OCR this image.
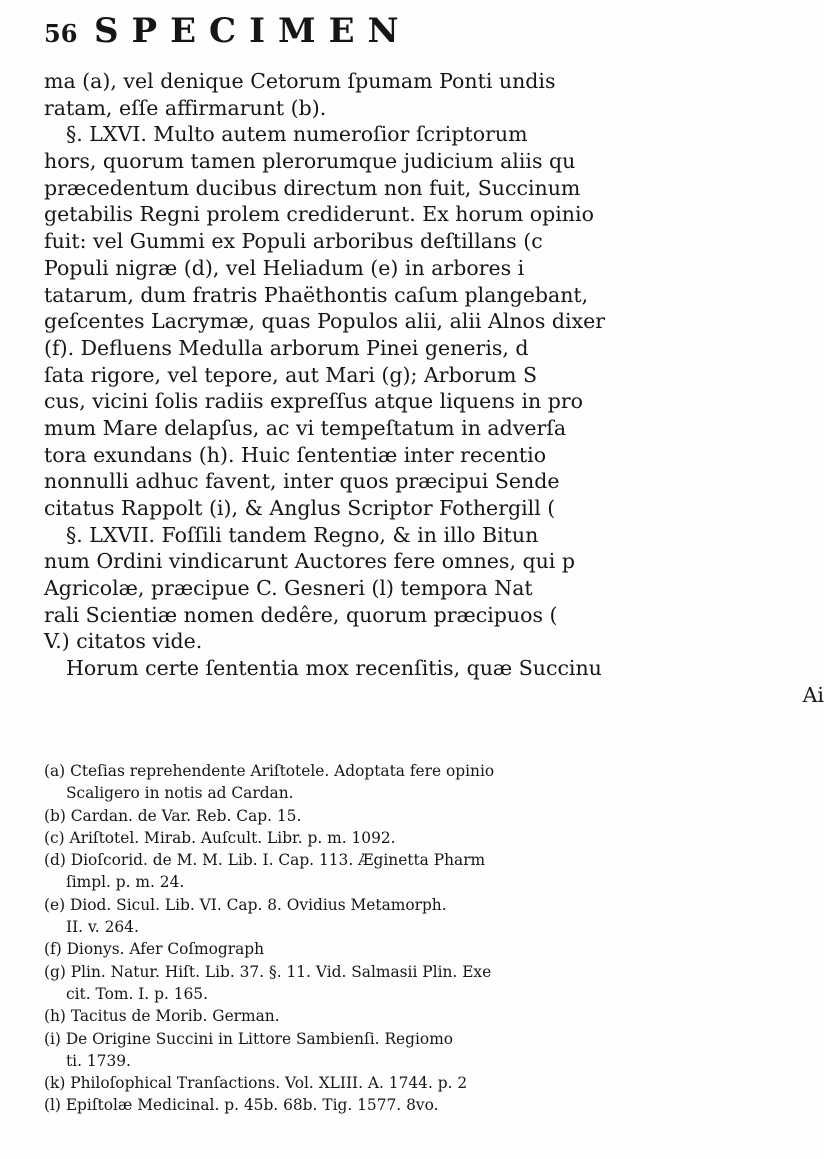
56 SPECIMEN
ma (a), vel denique Cetorum ſpumam Ponti undis
ratam, eſſe affirmarunt (b).
§. LXVI. Multo autem numeroſior ſcriptorum
hors, quorum tamen plerorumque judicium aliis qu
præcedentum ducibus directum non fuit, Succinum
getabilis Regni prolem crediderunt. Ex horum opinio
fuit: vel Gummi ex Populi arboribus deſtillans (c
Populi nigræ (d), vel Heliadum (e) in arbores i
tatarum, dum fratris Phaëthontis caſum plangebant,
geſcentes Lacrymæ, quas Populos alii, alii Alnos dixer
(f). Defluens Medulla arborum Pinei generis, d
ſata rigore, vel tepore, aut Mari (g); Arborum S
cus, vicini ſolis radiis expreſſus atque liquens in pro
mum Mare delapſus, ac vi tempeſtatum in adverſa
tora exundans (h). Huic ſententiæ inter recentio
nonnulli adhuc favent, inter quos præcipui Sende
citatus Rappolt (i), & Anglus Scriptor Fothergill (
§. LXVII. Foſſili tandem Regno, & in illo Bitun
num Ordini vindicarunt Auctores fere omnes, qui p
Agricolæ, præcipue C. Gesneri (l) tempora Nat
rali Scientiæ nomen dedêre, quorum præcipuos (
V.) citatos vide.
Horum certe ſententia mox recenſitis, quæ Succinu
Ai
(a) Cteſias reprehendente Ariſtotele. Adoptata fere opinio
Scaligero in notis ad Cardan.
(b) Cardan. de Var. Reb. Cap. 15.
(c) Ariſtotel. Mirab. Auſcult. Libr. p. m. 1092.
(d) Dioſcorid. de M. M. Lib. I. Cap. 113. Æginetta Pharm
ſimpl. p. m. 24.
(e) Diod. Sicul. Lib. VI. Cap. 8. Ovidius Metamorph.
II. v. 264.
(f) Dionys. Afer Coſmograph
(g) Plin. Natur. Hiſt. Lib. 37. §. 11. Vid. Salmasii Plin. Exe
cit. Tom. I. p. 165.
(h) Tacitus de Morib. German.
(i) De Origine Succini in Littore Sambienſi. Regiomo
ti. 1739.
(k) Philoſophical Tranſactions. Vol. XLIII. A. 1744. p. 2
(l) Epiſtolæ Medicinal. p. 45b. 68b. Tig. 1577. 8vo.
